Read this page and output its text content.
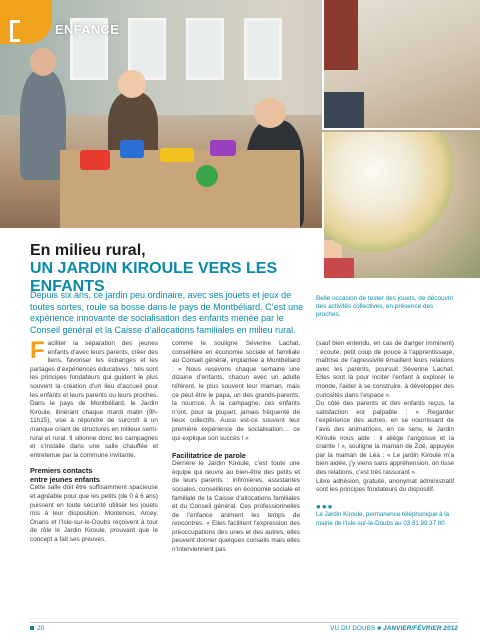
ENFANCE
En milieu rural,
UN JARDIN KIROULE VERS LES ENFANTS
Depuis six ans, ce jardin peu ordinaire, avec ses jouets et jeux de toutes sortes, roule sa bosse dans le pays de Montbéliard. C’est une expérience innovante de socialisation des enfants menée par le Conseil général et la Caisse d’allocations familiales en milieu rural.
Belle occasion de tester des jouets, de découvrir des activités collectives, en présence des proches.

Faciliter la séparation des jeunes enfants d’avec leurs parents, créer des liens, favoriser les échanges et les partages d’expériences éducatives : tels sont les principes fondateurs qui guident le plus souvent la création d’un lieu d’accueil pour les enfants et leurs parents ou leurs proches. Dans le pays de Montbéliard, le Jardin Kiroule, itinérant chaque mardi matin (9h-11h15), vise à répondre de surcroît à un manque criant de structures en milieux semi-rural et rural. Il sillonne donc les campagnes et s’installe dans une salle chauffée et entretenue par la commune invitante.

Premiers contacts
entre jeunes enfants

Cette salle doit être suffisamment spacieuse et agréable pour que les petits (de 0 à 6 ans) puissent en toute sécurité utiliser les jouets mis à leur disposition. Montenois, Arcey, Onans et l’Isle-sur-le-Doubs reçoivent à tour de rôle le Jardin Kiroule, prouvant que le concept a fait ses preuves,

comme le souligne Séverine Lachat, conseillère en économie sociale et familiale au Conseil général, implantée à Montbéliard : « Nous recevons chaque semaine une dizaine d’enfants, chacun avec un adulte référent, le plus souvent leur maman, mais ce peut être le papa, un des grands-parents, la nourrice. À la campagne, ces enfants n’ont, pour la plupart, jamais fréquenté de lieux collectifs. Aussi est-ce souvent leur première expérience de socialisation… ce qui explique son succès ! »

Facilitatrice de parole

Derrière le Jardin Kiroule, c’est toute une équipe qui œuvre au bien-être des petits et de leurs parents : infirmières, assistantes sociales, conseillères en économie sociale et familiale de la Caisse d’allocations familiales et du Conseil général. Ces professionnelles de l’enfance animent les temps de rencontres. « Elles facilitent l’expression des préoccupations des unes et des autres, elles peuvent donner quelques conseils mais elles n’interviennent pas

(sauf bien entendu, en cas de danger imminent) : écoute, petit coup de pouce à l’apprentissage, maîtrise de l’agressivité émaillent leurs relations avec les parents, poursuit Séverine Lachat. Elles sont là pour inciter l’enfant à explorer le monde, l’aider à se construire, à développer des curiosités dans l’espace ».

Du côté des parents et des enfants reçus, la satisfaction est palpable : « Regarder l’expérience des autres, en se nourrissant de l’avis des animatrices, en ce sens, le Jardin Kiroule nous aide : il allège l’angoisse et la crainte ! », souligne la maman de Zoé, appuyée par la maman de Léa : « Le jardin Kiroule m’a bien aidée, j’y viens sans appréhension, on tisse des relations, c’est très rassurant ».

Libre adhésion, gratuité, anonymat administratif sont les principes fondateurs du dispositif.

●●●
Le Jardin Kiroule, permanence téléphonique à la
mairie de l’Isle-sur-le-Doubs au 03 81 99 37 80
20	VU DU DOUBS ■ JANVIER/FÉVRIER 2012
